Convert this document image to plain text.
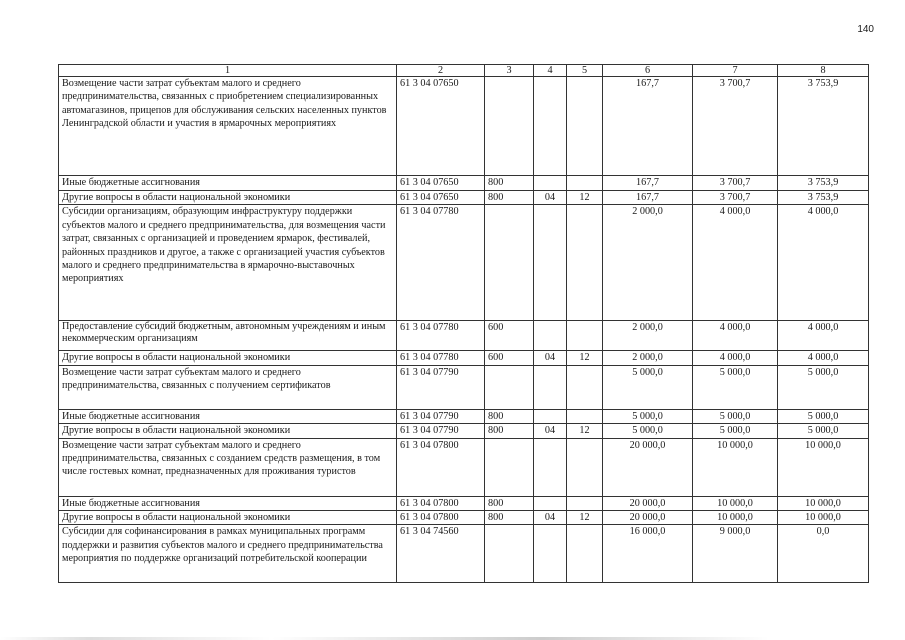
140
1	2	3	4	5	6	7	8
Возмещение части затрат субъектам малого и среднего предпринимательства, связанных с приобретением специализированных автомагазинов, прицепов для обслуживания сельских населенных пунктов Ленинградской области и участия в ярмарочных мероприятиях	61 3 04 07650				167,7	3 700,7	3 753,9
Иные бюджетные ассигнования	61 3 04 07650	800			167,7	3 700,7	3 753,9
Другие вопросы в области национальной экономики	61 3 04 07650	800	04	12	167,7	3 700,7	3 753,9
Субсидии организациям, образующим инфраструктуру поддержки субъектов малого и среднего предпринимательства, для возмещения части затрат, связанных с организацией и проведением ярмарок, фестивалей, районных праздников и другое, а также с организацией участия субъектов малого и среднего предпринимательства в ярмарочно-выставочных мероприятиях	61 3 04 07780				2 000,0	4 000,0	4 000,0
Предоставление субсидий бюджетным, автономным учреждениям и иным некоммерческим организациям	61 3 04 07780	600			2 000,0	4 000,0	4 000,0
Другие вопросы в области национальной экономики	61 3 04 07780	600	04	12	2 000,0	4 000,0	4 000,0
Возмещение части затрат субъектам малого и среднего предпринимательства, связанных с получением сертификатов	61 3 04 07790				5 000,0	5 000,0	5 000,0
Иные бюджетные ассигнования	61 3 04 07790	800			5 000,0	5 000,0	5 000,0
Другие вопросы в области национальной экономики	61 3 04 07790	800	04	12	5 000,0	5 000,0	5 000,0
Возмещение части затрат субъектам малого и среднего предпринимательства, связанных с созданием средств размещения, в том числе гостевых комнат, предназначенных для проживания туристов	61 3 04 07800				20 000,0	10 000,0	10 000,0
Иные бюджетные ассигнования	61 3 04 07800	800			20 000,0	10 000,0	10 000,0
Другие вопросы в области национальной экономики	61 3 04 07800	800	04	12	20 000,0	10 000,0	10 000,0
Субсидии для софинансирования в рамках муниципальных программ поддержки и развития субъектов малого и среднего предпринимательства мероприятия по поддержке организаций потребительской кооперации	61 3 04 74560				16 000,0	9 000,0	0,0
